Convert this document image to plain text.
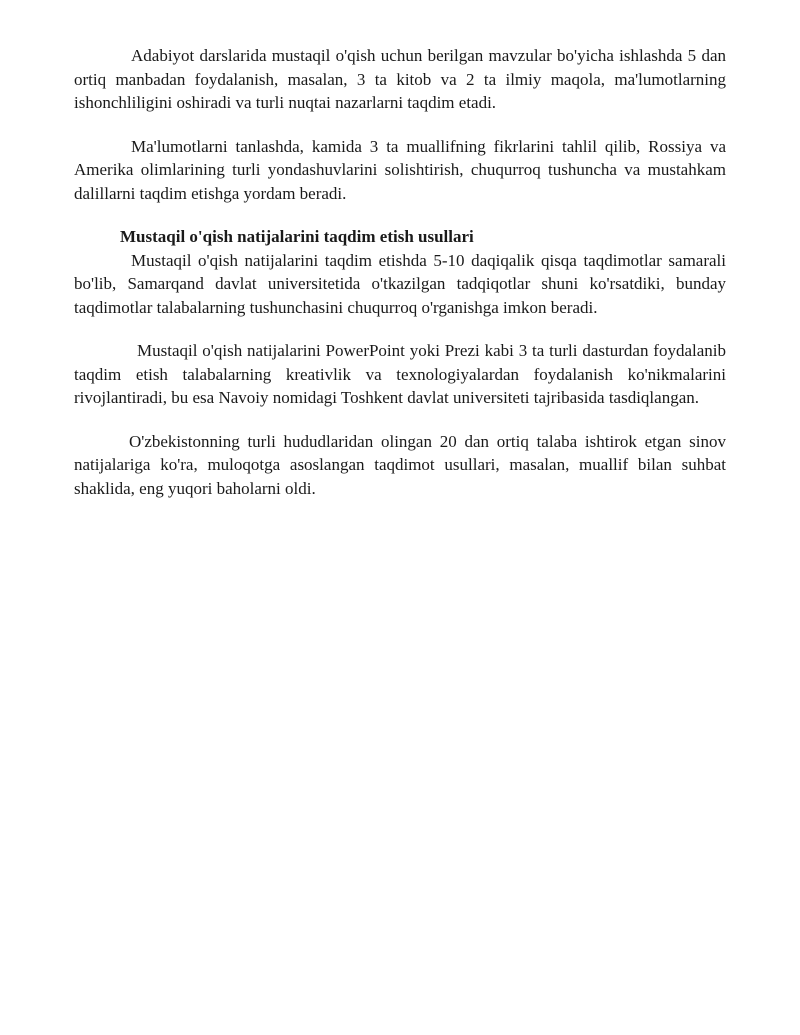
Adabiyot darslarida mustaqil o'qish uchun berilgan mavzular bo'yicha ishlashda 5 dan ortiq manbadan foydalanish, masalan, 3 ta kitob va 2 ta ilmiy maqola, ma'lumotlarning ishonchliligini oshiradi va turli nuqtai nazarlarni taqdim etadi.

Ma'lumotlarni tanlashda, kamida 3 ta muallifning fikrlarini tahlil qilib, Rossiya va Amerika olimlarining turli yondashuvlarini solishtirish, chuqurroq tushuncha va mustahkam dalillarni taqdim etishga yordam beradi.

Mustaqil o'qish natijalarini taqdim etish usullari

Mustaqil o'qish natijalarini taqdim etishda 5-10 daqiqalik qisqa taqdimotlar samarali bo'lib, Samarqand davlat universitetida o'tkazilgan tadqiqotlar shuni ko'rsatdiki, bunday taqdimotlar talabalarning tushunchasini chuqurroq o'rganishga imkon beradi.

Mustaqil o'qish natijalarini PowerPoint yoki Prezi kabi 3 ta turli dasturdan foydalanib taqdim etish talabalarning kreativlik va texnologiyalardan foydalanish ko'nikmalarini rivojlantiradi, bu esa Navoiy nomidagi Toshkent davlat universiteti tajribasida tasdiqlangan.

O'zbekistonning turli hududlaridan olingan 20 dan ortiq talaba ishtirok etgan sinov natijalariga ko'ra, muloqotga asoslangan taqdimot usullari, masalan, muallif bilan suhbat shaklida, eng yuqori baholarni oldi.
